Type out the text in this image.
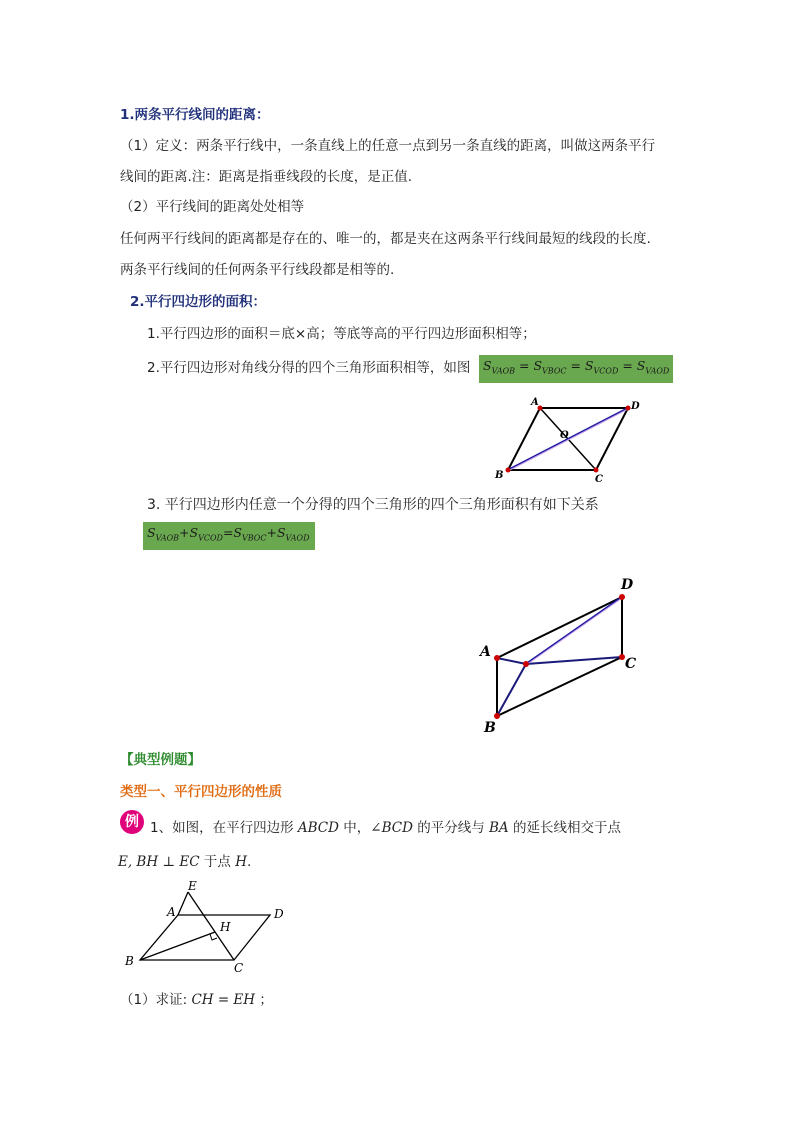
1.两条平行线间的距离：
（1）定义：两条平行线中，一条直线上的任意一点到另一条直线的距离，叫做这两条平行
线间的距离.注：距离是指垂线段的长度，是正值.
（2）平行线间的距离处处相等
任何两平行线间的距离都是存在的、唯一的，都是夹在这两条平行线间最短的线段的长度.
两条平行线间的任何两条平行线段都是相等的.
2.平行四边形的面积：
1.平行四边形的面积＝底×高；等底等高的平行四边形面积相等；
2.平行四边形对角线分得的四个三角形面积相等，如图	$S_{VAOB} = S_{VBOC} = S_{VCOD} = S_{VAOD}$
A	D
O
B	C
3. 平行四边形内任意一个分得的四个三角形的四个三角形面积有如下关系
$S_{VAOB}+S_{VCOD}=S_{VBOC}+S_{VAOD}$
D
A
C
B
【典型例题】
类型一、平行四边形的性质
例 1、如图，在平行四边形 ABCD 中，∠BCD 的平分线与 BA 的延长线相交于点
E, BH ⊥ EC 于点 H.
E
A	D
H
B	C
（1）求证: CH = EH ；
